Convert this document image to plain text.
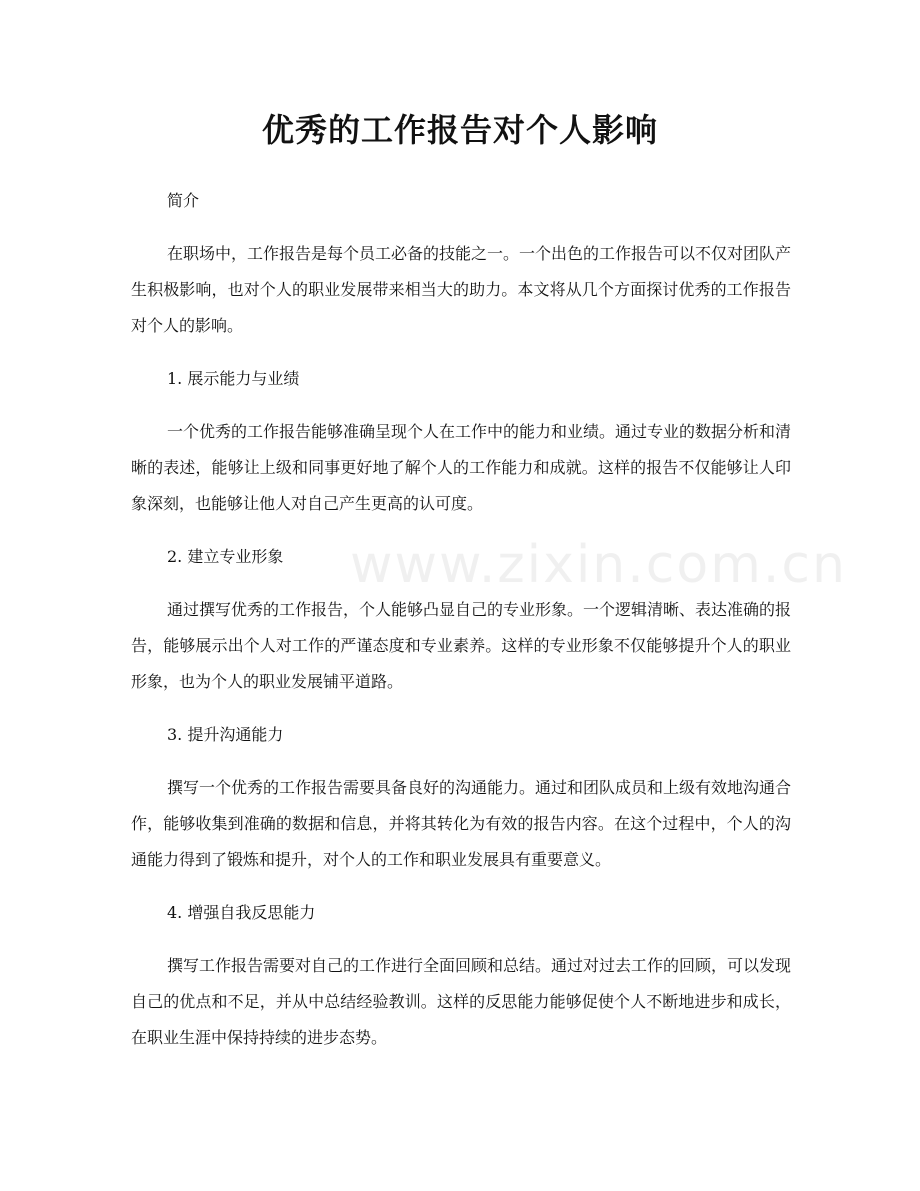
优秀的工作报告对个人影响

简介

在职场中，工作报告是每个员工必备的技能之一。一个出色的工作报告可以不仅对团队产生积极影响，也对个人的职业发展带来相当大的助力。本文将从几个方面探讨优秀的工作报告对个人的影响。

1. 展示能力与业绩

一个优秀的工作报告能够准确呈现个人在工作中的能力和业绩。通过专业的数据分析和清晰的表述，能够让上级和同事更好地了解个人的工作能力和成就。这样的报告不仅能够让人印象深刻，也能够让他人对自己产生更高的认可度。

2. 建立专业形象

通过撰写优秀的工作报告，个人能够凸显自己的专业形象。一个逻辑清晰、表达准确的报告，能够展示出个人对工作的严谨态度和专业素养。这样的专业形象不仅能够提升个人的职业形象，也为个人的职业发展铺平道路。

3. 提升沟通能力

撰写一个优秀的工作报告需要具备良好的沟通能力。通过和团队成员和上级有效地沟通合作，能够收集到准确的数据和信息，并将其转化为有效的报告内容。在这个过程中，个人的沟通能力得到了锻炼和提升，对个人的工作和职业发展具有重要意义。

4. 增强自我反思能力

撰写工作报告需要对自己的工作进行全面回顾和总结。通过对过去工作的回顾，可以发现自己的优点和不足，并从中总结经验教训。这样的反思能力能够促使个人不断地进步和成长，在职业生涯中保持持续的进步态势。

www.zixin.com.cn
